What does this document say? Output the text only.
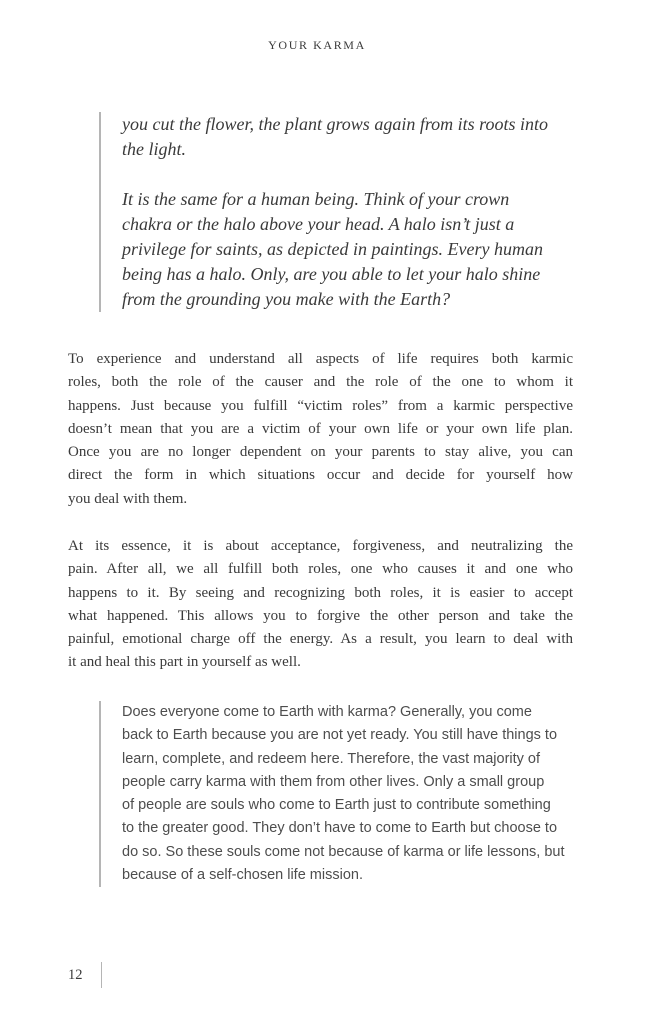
YOUR KARMA
you cut the flower, the plant grows again from its roots into
the light.
It is the same for a human being. Think of your crown
chakra or the halo above your head. A halo isn’t just a
privilege for saints, as depicted in paintings. Every human
being has a halo. Only, are you able to let your halo shine
from the grounding you make with the Earth?
To experience and understand all aspects of life requires both karmic
roles, both the role of the causer and the role of the one to whom it
happens. Just because you fulfill “victim roles” from a karmic perspective
doesn’t mean that you are a victim of your own life or your own life plan.
Once you are no longer dependent on your parents to stay alive, you can
direct the form in which situations occur and decide for yourself how
you deal with them.
At its essence, it is about acceptance, forgiveness, and neutralizing the
pain. After all, we all fulfill both roles, one who causes it and one who
happens to it. By seeing and recognizing both roles, it is easier to accept
what happened. This allows you to forgive the other person and take the
painful, emotional charge off the energy. As a result, you learn to deal with
it and heal this part in yourself as well.
Does everyone come to Earth with karma? Generally, you come
back to Earth because you are not yet ready. You still have things to
learn, complete, and redeem here. Therefore, the vast majority of
people carry karma with them from other lives. Only a small group
of people are souls who come to Earth just to contribute something
to the greater good. They don’t have to come to Earth but choose to
do so. So these souls come not because of karma or life lessons, but
because of a self-chosen life mission.
12
